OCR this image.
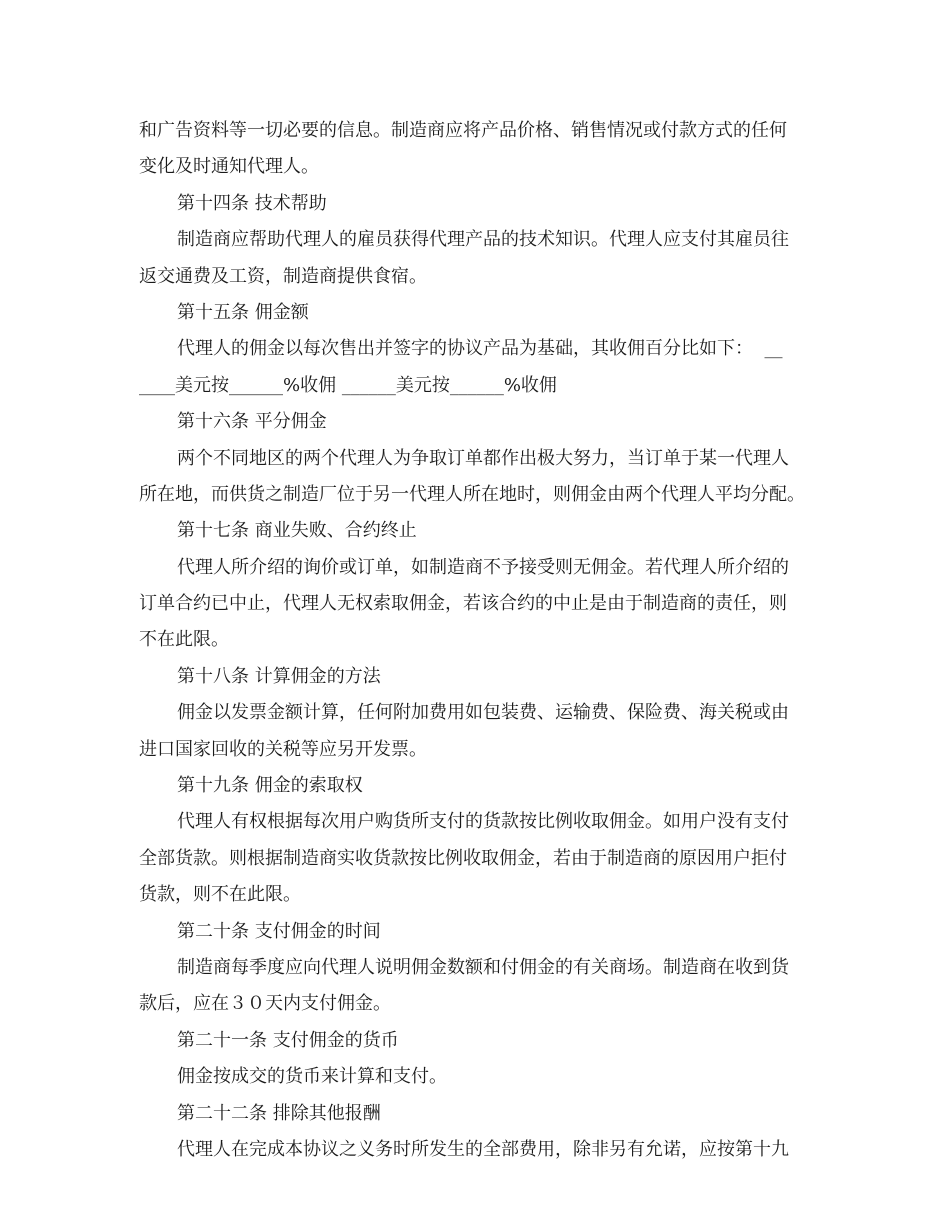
和广告资料等一切必要的信息。制造商应将产品价格、销售情况或付款方式的任何
变化及时通知代理人。
第十四条 技术帮助
制造商应帮助代理人的雇员获得代理产品的技术知识。代理人应支付其雇员往
返交通费及工资，制造商提供食宿。
第十五条 佣金额
代理人的佣金以每次售出并签字的协议产品为基础，其收佣百分比如下：  __
____美元按______%收佣 ______美元按______%收佣
第十六条 平分佣金
两个不同地区的两个代理人为争取订单都作出极大努力，当订单于某一代理人
所在地，而供货之制造厂位于另一代理人所在地时，则佣金由两个代理人平均分配。
第十七条 商业失败、合约终止
代理人所介绍的询价或订单，如制造商不予接受则无佣金。若代理人所介绍的
订单合约已中止，代理人无权索取佣金，若该合约的中止是由于制造商的责任，则
不在此限。
第十八条 计算佣金的方法
佣金以发票金额计算，任何附加费用如包装费、运输费、保险费、海关税或由
进口国家回收的关税等应另开发票。
第十九条 佣金的索取权
代理人有权根据每次用户购货所支付的货款按比例收取佣金。如用户没有支付
全部货款。则根据制造商实收货款按比例收取佣金，若由于制造商的原因用户拒付
货款，则不在此限。
第二十条 支付佣金的时间
制造商每季度应向代理人说明佣金数额和付佣金的有关商场。制造商在收到货
款后，应在３０天内支付佣金。
第二十一条 支付佣金的货币
佣金按成交的货币来计算和支付。
第二十二条 排除其他报酬
代理人在完成本协议之义务时所发生的全部费用，除非另有允诺，应按第十九
